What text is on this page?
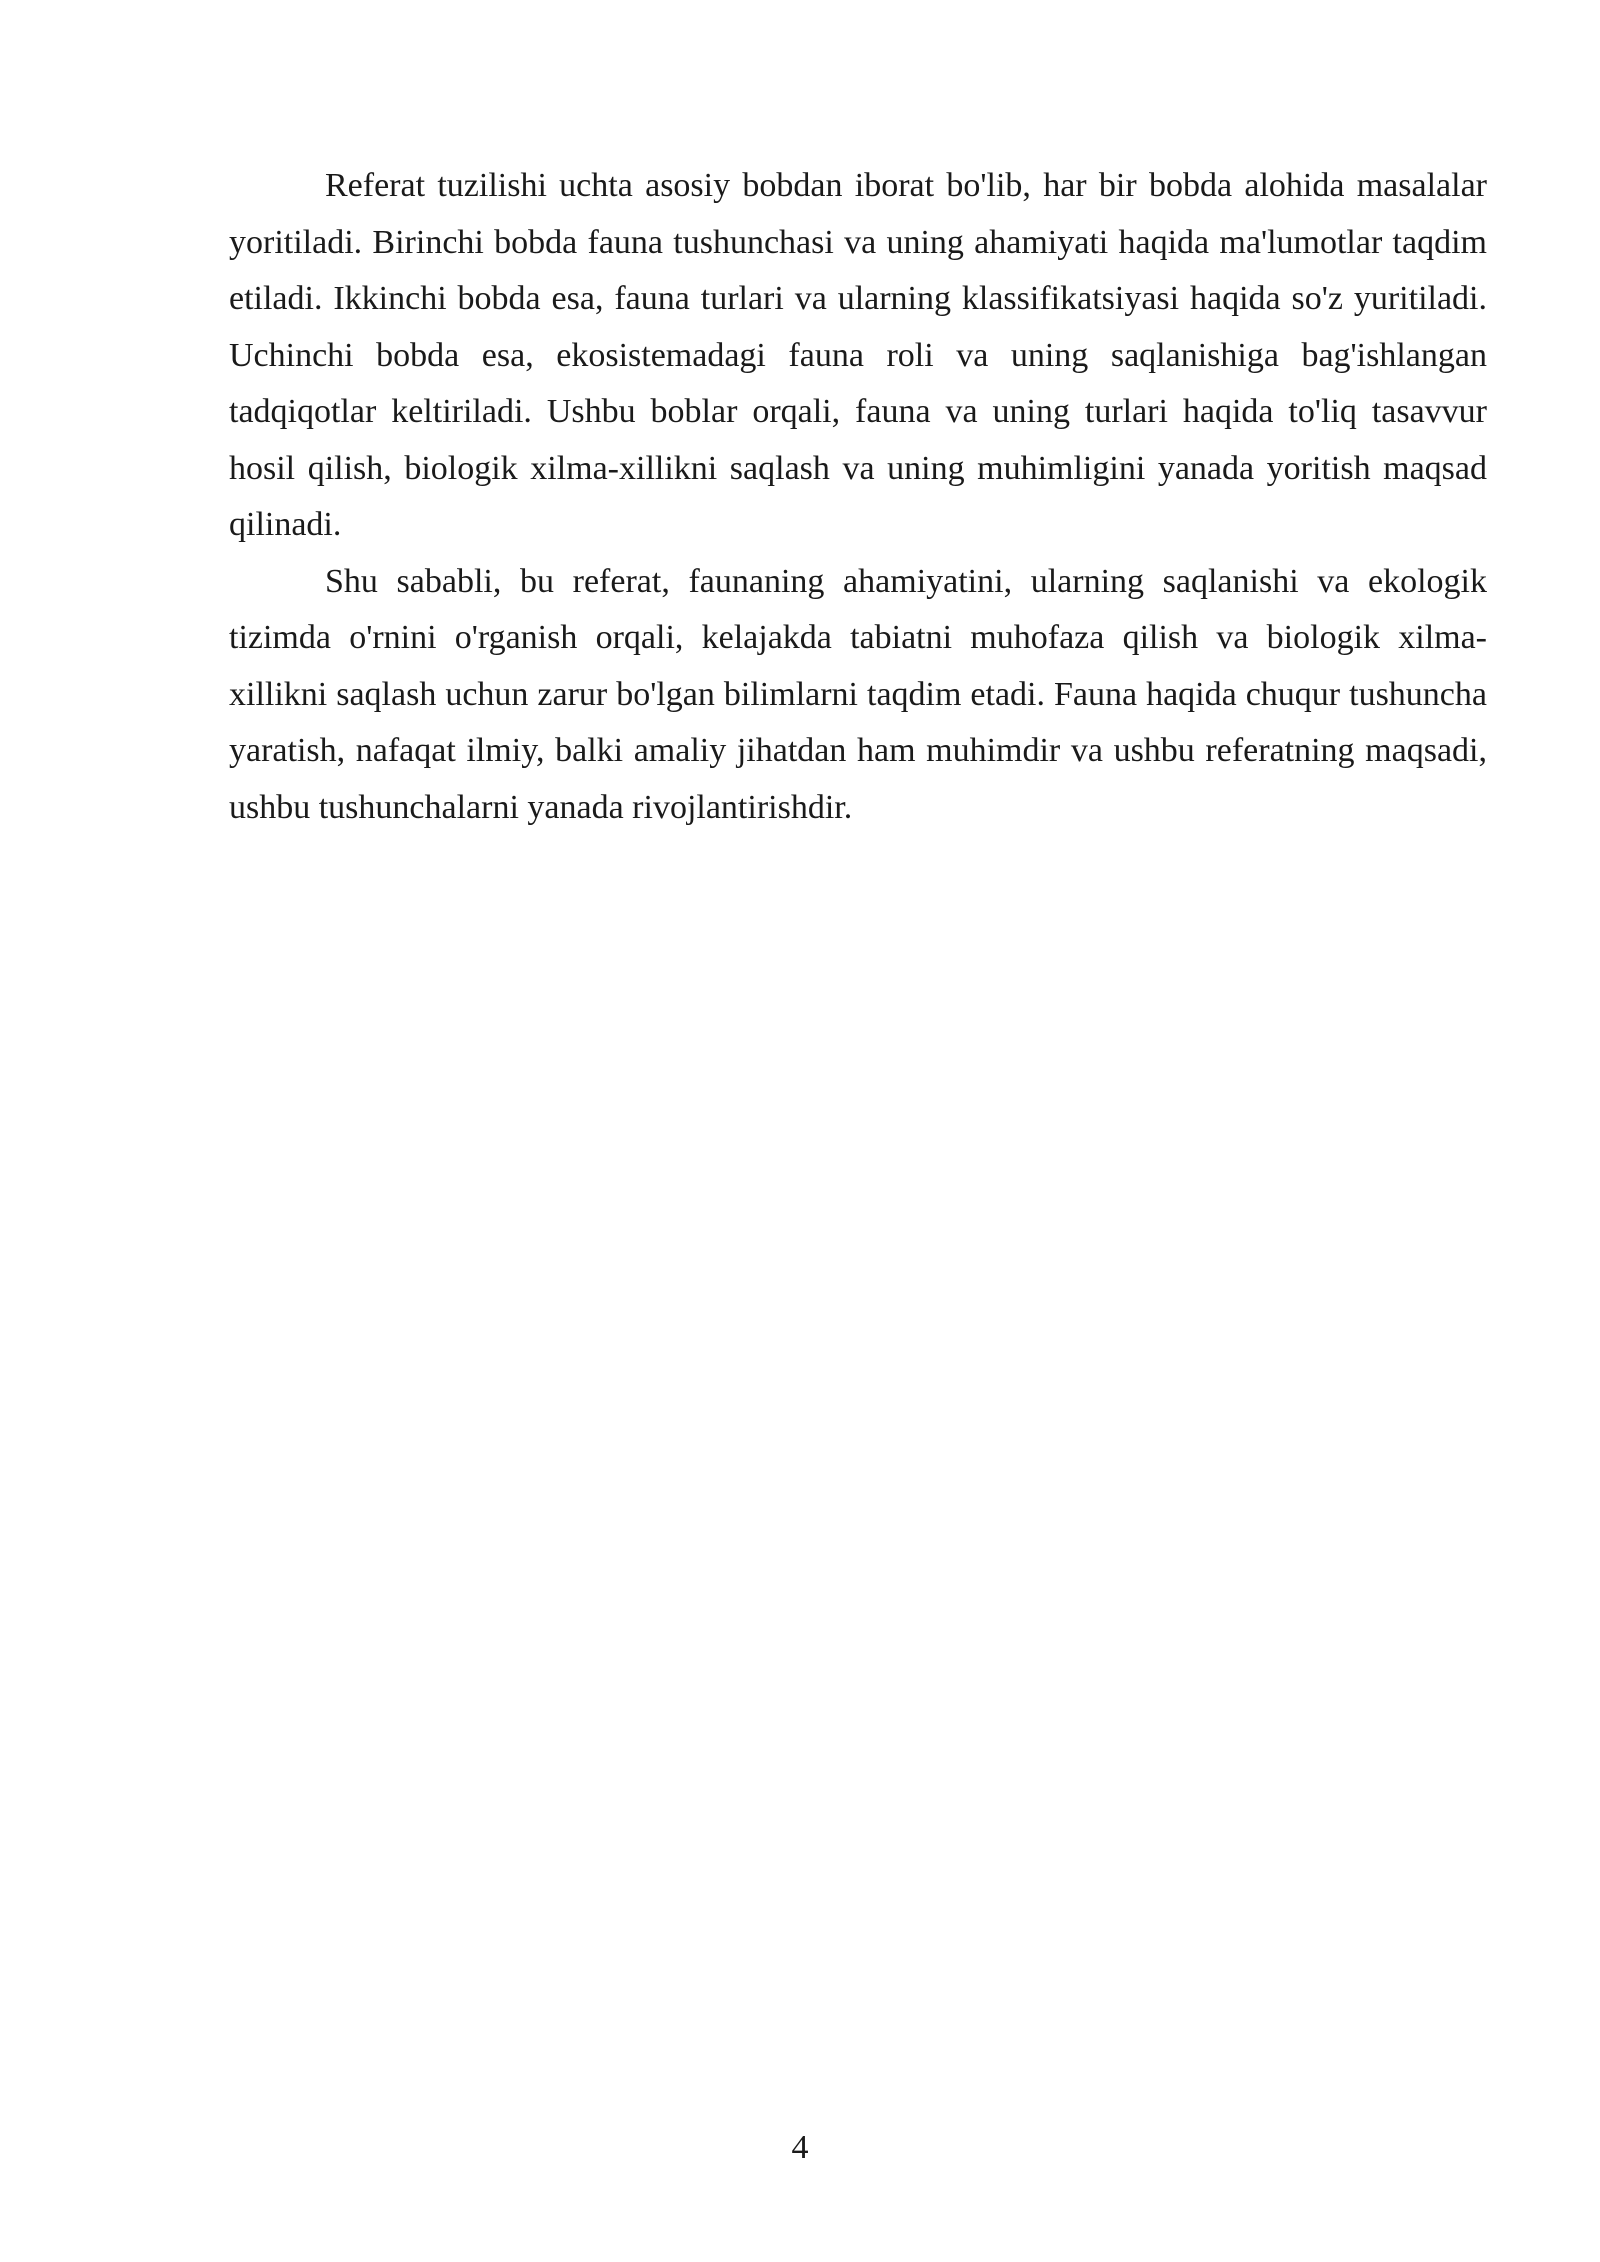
Referat tuzilishi uchta asosiy bobdan iborat bo'lib, har bir bobda alohida masalalar yoritiladi. Birinchi bobda fauna tushunchasi va uning ahamiyati haqida ma'lumotlar taqdim etiladi. Ikkinchi bobda esa, fauna turlari va ularning klassifikatsiyasi haqida so'z yuritiladi. Uchinchi bobda esa, ekosistemadagi fauna roli va uning saqlanishiga bag'ishlangan tadqiqotlar keltiriladi. Ushbu boblar orqali, fauna va uning turlari haqida to'liq tasavvur hosil qilish, biologik xilma-xillikni saqlash va uning muhimligini yanada yoritish maqsad qilinadi.

Shu sababli, bu referat, faunaning ahamiyatini, ularning saqlanishi va ekologik tizimda o'rnini o'rganish orqali, kelajakda tabiatni muhofaza qilish va biologik xilma-xillikni saqlash uchun zarur bo'lgan bilimlarni taqdim etadi. Fauna haqida chuqur tushuncha yaratish, nafaqat ilmiy, balki amaliy jihatdan ham muhimdir va ushbu referatning maqsadi, ushbu tushunchalarni yanada rivojlantirishdir.

4
